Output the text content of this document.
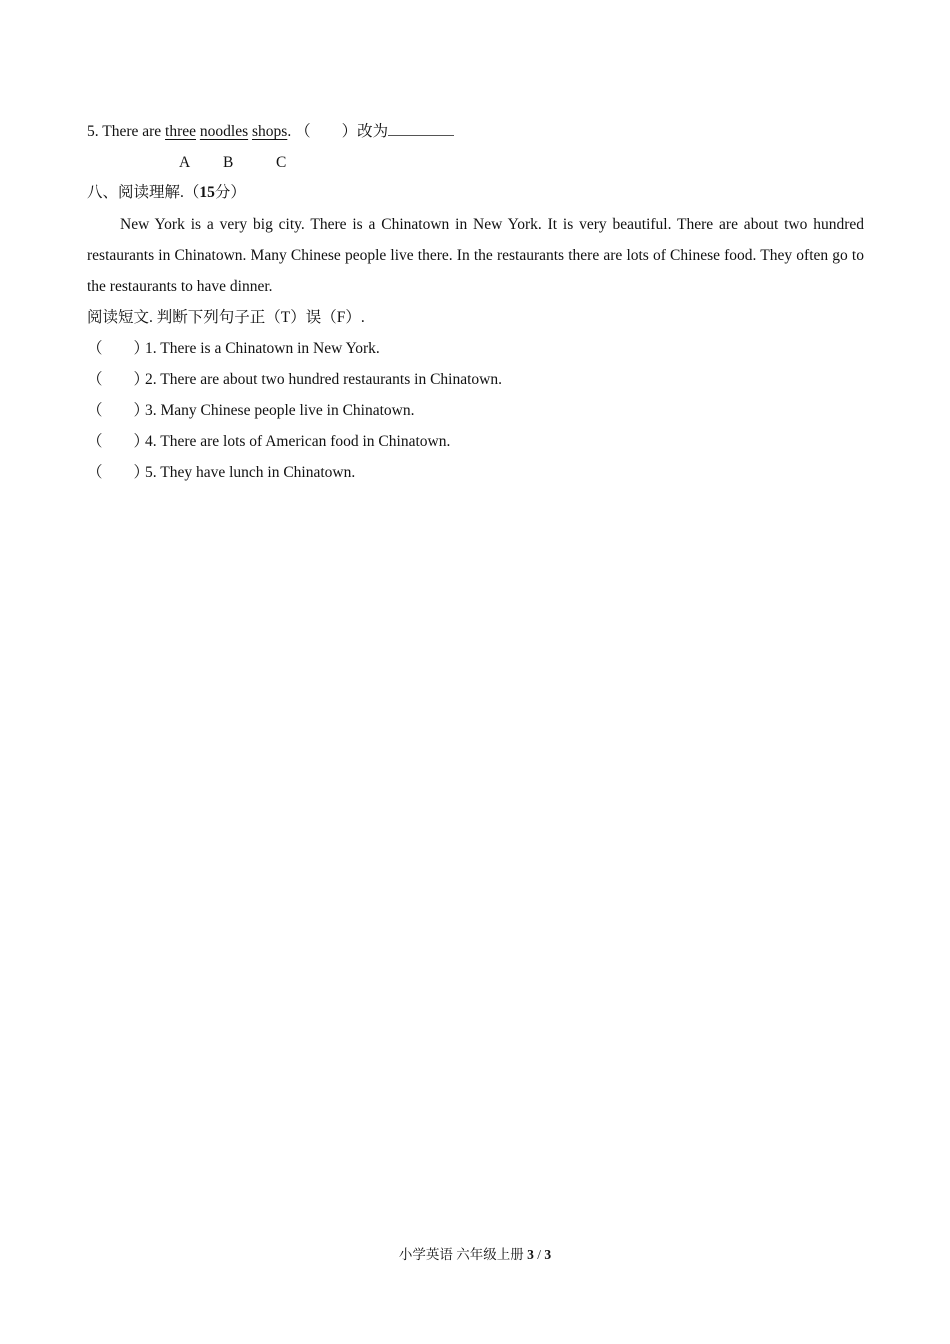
5. There are three noodles shops. （　　）改为
A B	C
八、阅读理解.（15分）
New York is a very big city. There is a Chinatown in New York. It is very beautiful. There are about two hundred restaurants in Chinatown. Many Chinese people live there. In the restaurants there are lots of Chinese food. They often go to the restaurants to have dinner.
阅读短文. 判断下列句子正（T）误（F）.
（　　）1. There is a Chinatown in New York.
（　　）2. There are about two hundred restaurants in Chinatown.
（　　）3. Many Chinese people live in Chinatown.
（　　）4. There are lots of American food in Chinatown.
（　　）5. They have lunch in Chinatown.
小学英语 六年级上册 3 / 3
